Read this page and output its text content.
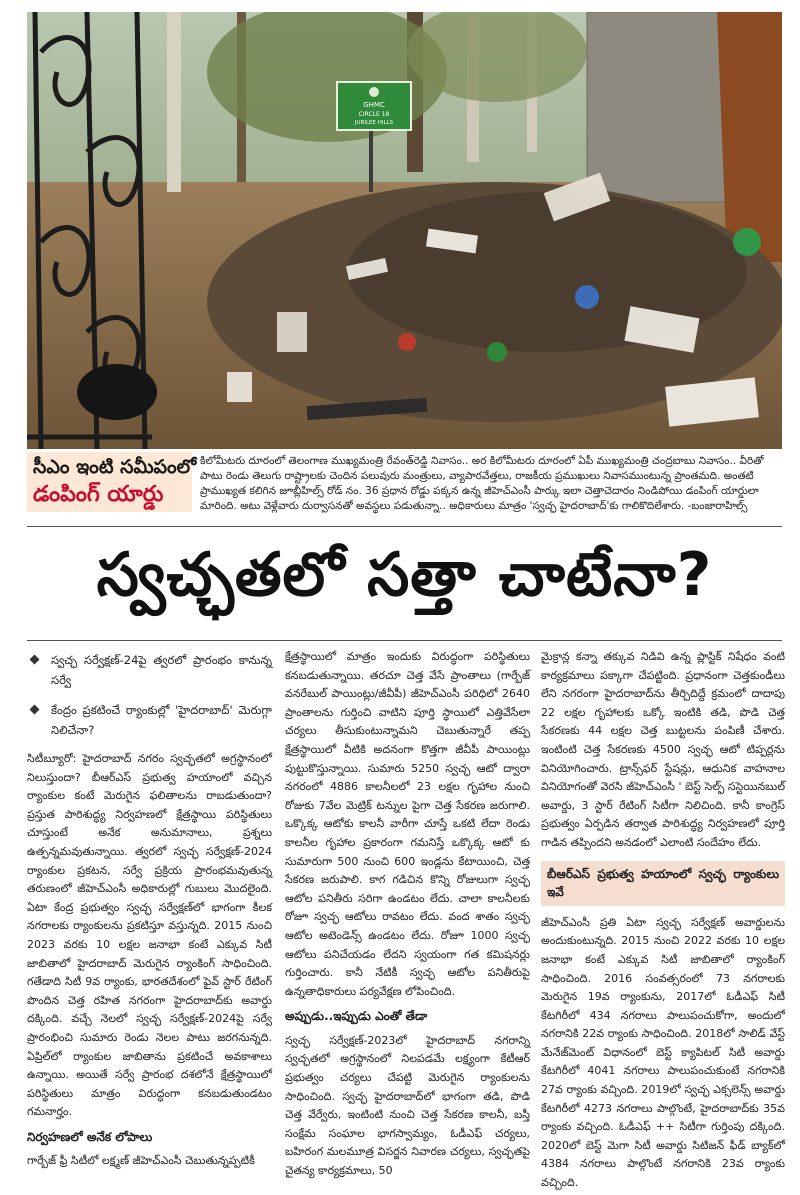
GHMC
CIRCLE 18
JUBILEE HILLS
సీఎం ఇంటి సమీపంలో
డంపింగ్ యార్డు
కిలోమీటరు దూరంలో తెలంగాణ ముఖ్యమంత్రి రేవంత్‌రెడ్డి నివాసం.. అర కిలోమీటరు దూరంలో ఏపీ ముఖ్యమంత్రి చంద్రబాబు నివాసం.. వీరితో పాటు రెండు తెలుగు రాష్ట్రాలకు చెందిన పలువురు మంత్రులు, వ్యాపారవేత్తలు, రాజకీయ ప్రముఖులు నివాసముంటున్న ప్రాంతమది. అంతటి ప్రాముఖ్యత కలిగిన జూబ్లీహిల్స్ రోడ్ నం. 36 ప్రధాన రోడ్డు పక్కన ఉన్న జీహెచ్ఎంసీ పార్కు ఇలా చెత్తాచెదారం నిండిపోయి డంపింగ్ యార్డులా మారింది. అటు వెళ్లేవారు దుర్వాసనతో అవస్థలు పడుతున్నా.. అధికారులు మాత్రం 'స్వచ్ఛ హైదరాబాద్'కు గాలికొదిలేశారు. -బంజారాహిల్స్
స్వచ్ఛతలో సత్తా చాటేనా?
స్వచ్ఛ సర్వేక్షణ్-24పై త్వరలో ప్రారంభం కానున్న సర్వే
కేంద్రం ప్రకటించే ర్యాంకుల్లో 'హైదరాబాద్' మెరుగ్గా నిలిచేనా?

సిటీబ్యూరో: హైదరాబాద్ నగరం స్వచ్ఛతలో అగ్రస్థానంలో నిలుస్తుందా? బీఆర్ఎస్ ప్రభుత్వ హయాంలో వచ్చిన ర్యాంకుల కంటే మెరుగైన ఫలితాలను రాబడుతుందా? ప్రస్తుత పారిశుద్ధ్య నిర్వహణలో క్షేత్రస్థాయి పరిస్థితులు చూస్తుంటే అనేక అనుమానాలు, ప్రశ్నలు ఉత్పన్నమవుతున్నాయి. త్వరలో స్వచ్ఛ సర్వేక్షణ్-2024 ర్యాంకుల ప్రకటన, సర్వే ప్రక్రియ ప్రారంభమవుతున్న తరుణంలో జీహెచ్ఎంసీ అధికారుల్లో గుబులు మొదలైంది. ఏటా కేంద్ర ప్రభుత్వం స్వచ్ఛ సర్వేక్షణ్‌లో భాగంగా కీలక నగరాలకు ర్యాంకులను ప్రకటిస్తూ వస్తున్నది. 2015 నుంచి 2023 వరకు 10 లక్షల జనాభా కంటే ఎక్కువ సిటీ జాబితాలో హైదరాబాద్ మెరుగైన ర్యాంకింగ్ సాధించింది. గతేడాది సిటీ 9వ ర్యాంకు, భారతదేశంలో ఫైవ్ స్టార్ రేటింగ్ పొందిన చెత్త రహిత నగరంగా హైదరాబాద్‌కు అవార్డు దక్కింది. వచ్చే నెలలో స్వచ్ఛ సర్వేక్షణ్-2024పై సర్వే ప్రారంభించి సుమారు రెండు నెలల పాటు జరగనున్నది. ఏప్రిల్‌లో ర్యాంకుల జాబితాను ప్రకటించే అవకాశాలు ఉన్నాయి. అయితే సర్వే ప్రారంభ దశలోనే క్షేత్రస్థాయిలో పరిస్థితులు మాత్రం విరుద్ధంగా కనబడుతుండటం గమనార్హం.

నిర్వహణలో అనేక లోపాలు

గార్బేజ్ ఫ్రీ సిటీలో లక్ష్మణ్ జీహెచ్ఎంసీ చెబుతున్నప్పటికీ

క్షేత్రస్థాయిలో మాత్రం ఇందుకు విరుద్ధంగా పరిస్థితులు కనబడుతున్నాయి. తరచూ చెత్త వేసే ప్రాంతాలు (గార్బేజ్ వనరేబుల్ పాయింట్లు/జీవీపీ) జీహెచ్ఎంసీ పరిధిలో 2640 ప్రాంతాలను గుర్తించి వాటిని పూర్తి స్థాయిలో ఎత్తివేసేలా చర్యలు తీసుకుంటున్నామని చెబుతున్నారే తప్ప క్షేత్రస్థాయిలో వీటికి అదనంగా కొత్తగా జీవీపీ పాయింట్లు పుట్టుకొస్తున్నాయి. సుమారు 5250 స్వచ్ఛ ఆటో ద్వారా నగరంలో 4886 కాలనీలలో 23 లక్షల గృహాల నుంచి రోజుకు 7వేల మెట్రిక్ టన్నుల పైగా చెత్త సేకరణ జరుగాలి. ఒక్కొక్క ఆటోకు కాలనీ వారీగా చూస్తే ఒకటి లేదా రెండు కాలనీల గృహాల ప్రకారంగా గమనిస్తే ఒక్కొక్క ఆటో కు సుమారుగా 500 నుంచి 600 ఇండ్లను కేటాయించి, చెత్త సేకరణ జరుపాలి. కాగ గడిచిన కొన్ని రోజులుగా స్వచ్ఛ ఆటోల పనితీరు సరిగా ఉండటం లేదు. చాలా కాలనీలకు రోజూ స్వచ్ఛ ఆటోలు రావటం లేదు. వంద శాతం స్వచ్ఛ ఆటోల అటెండెన్స్ ఉండటం లేదు. రోజూ 1000 స్వచ్ఛ ఆటోలు పనిచేయడం లేదని స్వయంగా గత కమిషనర్లు గుర్తించారు. కానీ నేటికీ స్వచ్ఛ ఆటోల పనితీరుపై ఉన్నతాధికారులు పర్యవేక్షణ లోపించింది.

అప్పుడు..ఇప్పుడు ఎంతో తేడా

స్వచ్ఛ సర్వేక్షణ్-2023లో హైదరాబాద్ నగరాన్ని స్వచ్ఛతలో అగ్రస్థానంలో నిలపడమే లక్ష్యంగా కేటీఆర్ ప్రభుత్వం చర్యలు చేపట్టి మెరుగైన ర్యాంకులను సాధించింది. స్వచ్ఛ హైదరాబాద్‌లో భాగంగా తడి, పొడి చెత్త వేర్వేరు, ఇంటింటి నుంచి చెత్త సేకరణ కాలనీ, బస్తీ సంక్షేమ సంఘాల భాగస్వామ్యం, ఓడీఎఫ్ చర్యలు, బహిరంగ మలమూత్ర విసర్జన నివారణ చర్యలు, స్వచ్ఛతపై చైతన్య కార్యక్రమాలు, 50

మైక్రాన్ల కన్నా తక్కువ నిడివి ఉన్న ప్లాస్టిక్ నిషేధం వంటి కార్యక్రమాలు పక్కాగా చేపట్టింది. ప్రధానంగా చెత్తకుండీలు లేని నగరంగా హైదరాబాద్‌ను తీర్చిదిద్దే క్రమంలో దాదాపు 22 లక్షల గృహాలకు ఒక్కో ఇంటికి తడి, పొడి చెత్త సేకరణకు 44 లక్షల చెత్త బుట్టలను పంపిణీ చేశారు. ఇంటింటి చెత్త సేకరణకు 4500 స్వచ్ఛ ఆటో టిప్పర్లను వినియోగించారు. ట్రాన్స్‌ఫర్ స్టేషన్లు, ఆధునిక వాహనాల వినియోగంతో వెరసి జీహెచ్ఎంసీ ' బెస్ట్ సెల్ఫ్ సస్టెయినబుల్ అవార్డు, 3 స్టార్ రేటింగ్ సిటీగా నిలిచింది. కానీ కాంగ్రెస్ ప్రభుత్వం ఏర్పడిన తర్వాత పారిశుద్ధ్య నిర్వహణలో పూర్తి గాడిన తప్పిందని అనడంలో ఎలాంటి సందేహం లేదు.

బీఆర్ఎస్ ప్రభుత్వ హయాంలో స్వచ్ఛ ర్యాంకులు ఇవే

జీహెచ్ఎంసీ ప్రతి ఏటా స్వచ్ఛ సర్వేక్షణ్ అవార్డులను అందుకుంటున్నది. 2015 నుంచి 2022 వరకు 10 లక్షల జనాభా కంటే ఎక్కువ సిటీ జాబితాలో ర్యాంకింగ్ సాధించింది. 2016 సంవత్సరంలో 73 నగరాలకు మెరుగైన 19వ ర్యాంకును, 2017లో ఓడీఎఫ్ సిటీ కేటగిరీలో 434 నగరాలు పాలుపంచుకోగా, అందులో నగరానికి 22వ ర్యాంకు సాధించింది. 2018లో సాలిడ్ వేస్ట్ మేనేజ్‌మెంట్ విధానంలో బెస్ట్ క్యాపిటల్ సిటీ అవార్డు కేటగిరీలో 4041 నగరాలు పాలుపంచుకుంటే నగరానికి 27వ ర్యాంకు వచ్చింది. 2019లో స్వచ్ఛ ఎక్సలెన్స్ అవార్డు కేటగిరీలో 4273 నగరాలు పాల్గొంటే, హైదరాబాద్‌కు 35వ ర్యాంకు వచ్చింది. ఓడీఎఫ్ ++ సిటీగా గుర్తింపు దక్కింది. 2020లో బెస్ట్ మెగా సిటీ అవార్డు సిటిజన్ ఫీడ్ బ్యాక్‌లో 4384 నగరాలు పాల్గొంటే నగరానికి 23వ ర్యాంకు వచ్చింది.
